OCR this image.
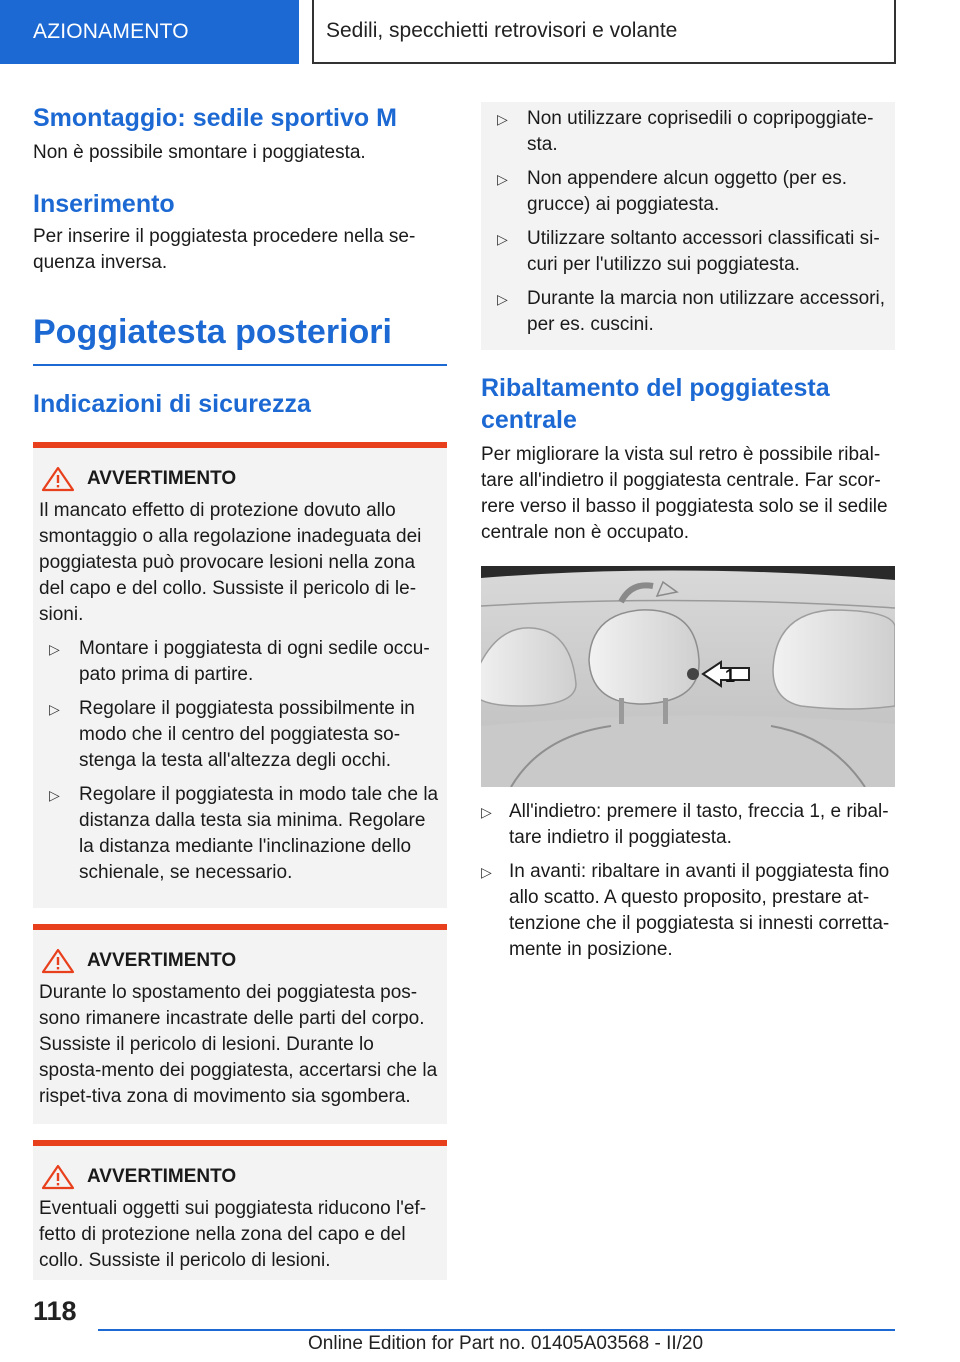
AZIONAMENTO	Sedili, specchietti retrovisori e volante
Smontaggio: sedile sportivo M

Non è possibile smontare i poggiatesta.

Inserimento

Per inserire il poggiatesta procedere nella se-quenza inversa.

Poggiatesta posteriori
Indicazioni di sicurezza
AVVERTIMENTO

Il mancato effetto di protezione dovuto allo smontaggio o alla regolazione inadeguata dei poggiatesta può provocare lesioni nella zona del capo e del collo. Sussiste il pericolo di le-sioni.

▷	Montare i poggiatesta di ogni sedile occu-pato prima di partire.
▷	Regolare il poggiatesta possibilmente in modo che il centro del poggiatesta so-stenga la testa all'altezza degli occhi.
▷	Regolare il poggiatesta in modo tale che la distanza dalla testa sia minima. Regolare la distanza mediante l'inclinazione dello schienale, se necessario.
AVVERTIMENTO

Durante lo spostamento dei poggiatesta pos-sono rimanere incastrate delle parti del corpo. Sussiste il pericolo di lesioni. Durante lo sposta-mento dei poggiatesta, accertarsi che la rispet-tiva zona di movimento sia sgombera.

AVVERTIMENTO

Eventuali oggetti sui poggiatesta riducono l'ef-fetto di protezione nella zona del capo e del collo. Sussiste il pericolo di lesioni.

▷	Non utilizzare coprisedili o copripoggiate-sta.
▷	Non appendere alcun oggetto (per es. grucce) ai poggiatesta.
▷	Utilizzare soltanto accessori classificati si-curi per l'utilizzo sui poggiatesta.
▷	Durante la marcia non utilizzare accessori, per es. cuscini.
Ribaltamento del poggiatesta centrale

Per migliorare la vista sul retro è possibile ribal-tare all'indietro il poggiatesta centrale. Far scor-rere verso il basso il poggiatesta solo se il sedile centrale non è occupato.

1
▷ All'indietro: premere il tasto, freccia 1, e ribal-tare indietro il poggiatesta.
▷ In avanti: ribaltare in avanti il poggiatesta fino allo scatto. A questo proposito, prestare at-tenzione che il poggiatesta si innesti corretta-mente in posizione.
118
Online Edition for Part no. 01405A03568 - II/20
